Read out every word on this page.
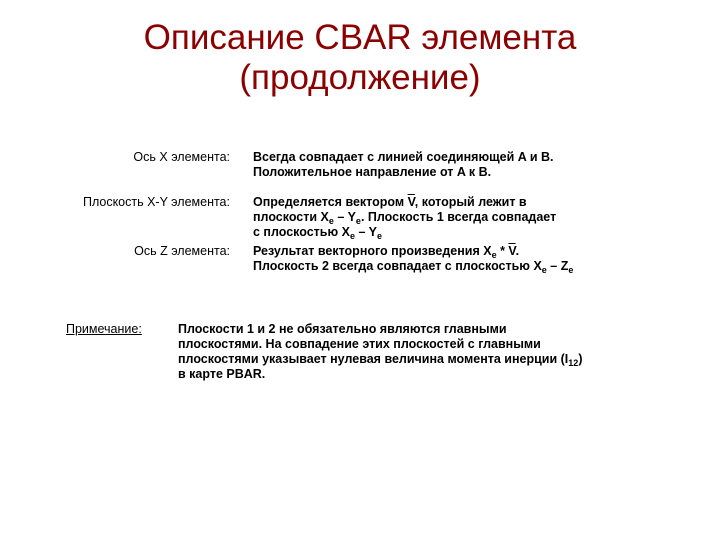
Описание CBAR элемента
(продолжение)
Ось X элемента: Всегда совпадает с линией соединяющей A и B.
Положительное направление от A к B.
Плоскость X-Y элемента: Определяется вектором $\overline{V}$, который лежит в
плоскости $X_e - Y_e$. Плоскость 1 всегда совпадает
с плоскостью $X_e - Y_e$
Ось Z элемента: Результат векторного произведения $X_e * \overline{V}$.
Плоскость 2 всегда совпадает с плоскостью $X_e - Z_e$
Примечание:	Плоскости 1 и 2 не обязательно являются главными
плоскостями. На совпадение этих плоскостей с главными
плоскостями указывает нулевая величина момента инерции $(I_{12})$
в карте PBAR.
